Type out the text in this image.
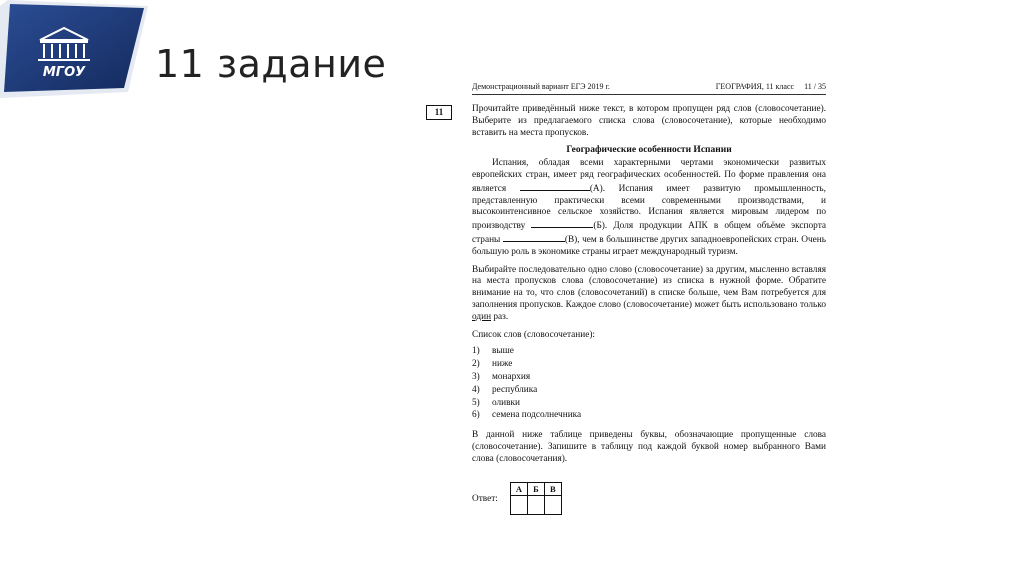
МГОУ 11 задание
Демонстрационный вариант ЕГЭ 2019 г.	ГЕОГРАФИЯ, 11 класс 11 / 35
11	Прочитайте приведённый ниже текст, в котором пропущен ряд слов (словосочетание). Выберите из предлагаемого списка слова (словосочетание), которые необходимо вставить на места пропусков.

Географические особенности Испании

Испания, обладая всеми характерными чертами экономически развитых европейских стран, имеет ряд географических особенностей. По форме правления она является	(А). Испания имеет развитую промышленность, представленную практически всеми современными производствами, и высокоинтенсивное сельское хозяйство. Испания является мировым лидером по производству	(Б). Доля продукции АПК в общем объёме экспорта страны	(В), чем в большинстве других западноевропейских стран. Очень большую роль в экономике страны играет международный туризм.

Выбирайте последовательно одно слово (словосочетание) за другим, мысленно вставляя на места пропусков слова (словосочетание) из списка в нужной форме. Обратите внимание на то, что слов (словосочетаний) в списке больше, чем Вам потребуется для заполнения пропусков. Каждое слово (словосочетание) может быть использовано только один раз.

Список слов (словосочетание):
1)	выше
2)	ниже
3)	монархия
4)	республика
5)	оливки
6)	семена подсолнечника

В данной ниже таблице приведены буквы, обозначающие пропущенные слова (словосочетание). Запишите в таблицу под каждой буквой номер выбранного Вами слова (словосочетания).

Ответ:
А	Б	В
